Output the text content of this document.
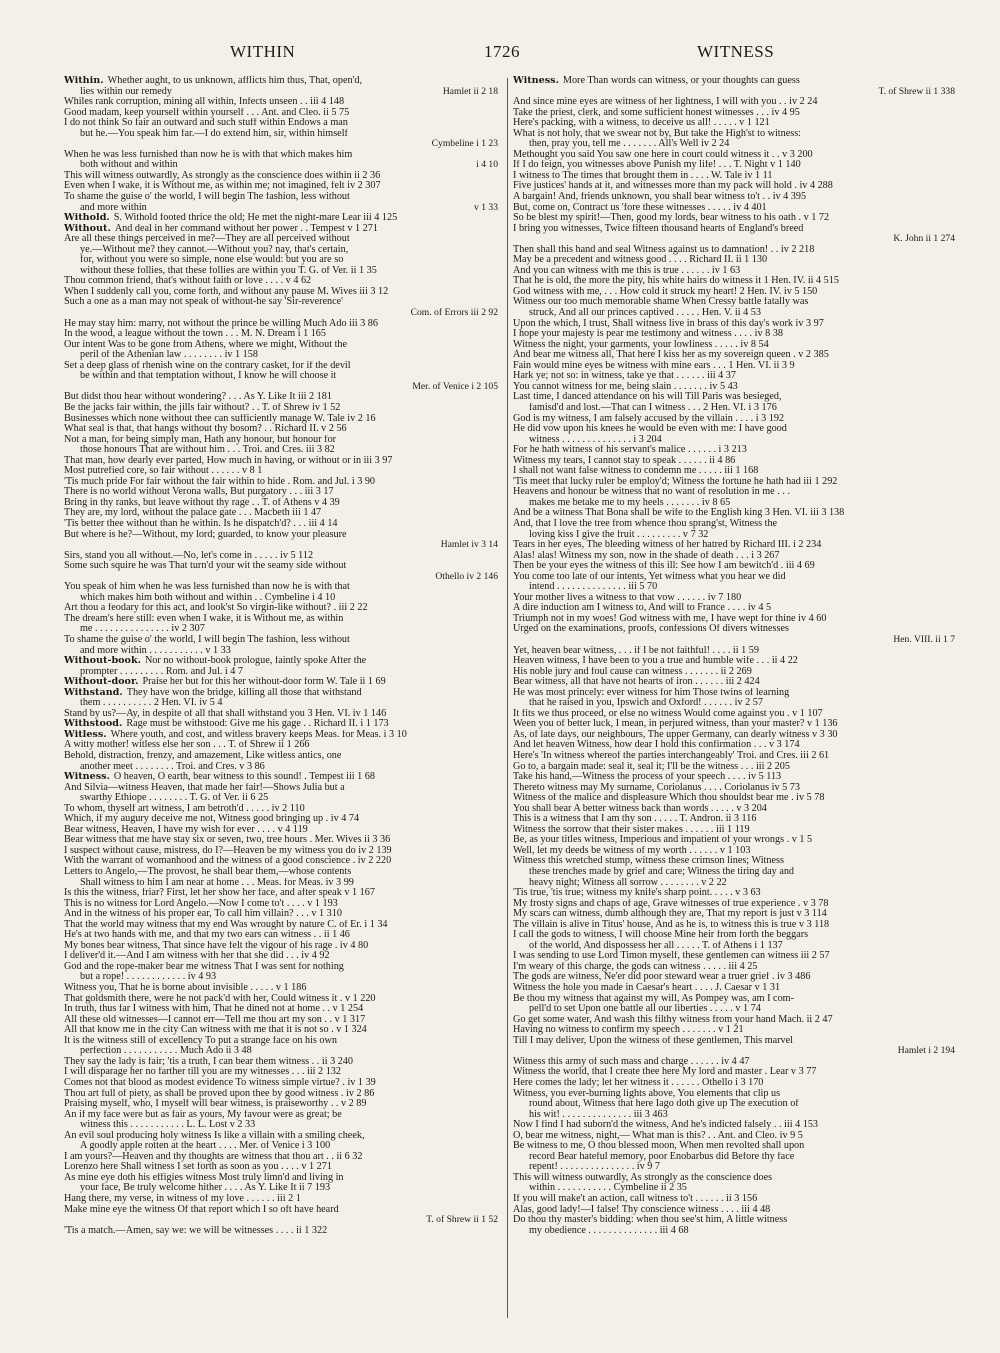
WITHIN	1726	WITNESS
Within. Whether aught, to us unknown, afflicts him thus, That, open'd,
lies within our remedy	Hamlet ii 2 18
Whiles rank corruption, mining all within, Infects unseen . . iii 4 148
Good madam, keep yourself within yourself . . . Ant. and Cleo. ii 5 75
I do not think So fair an outward and such stuff within Endows a man
but he.—You speak him far.—I do extend him, sir, within himself
Cymbeline i 1 23
When he was less furnished than now he is with that which makes him
both without and within	i 4 10
This will witness outwardly, As strongly as the conscience does within ii 2 36
Even when I wake, it is Without me, as within me; not imagined, felt iv 2 307
To shame the guise o' the world, I will begin The fashion, less without
and more within	v 1 33
Withold. S. Withold footed thrice the old; He met the night-mare Lear iii 4 125
Without. And deal in her command without her power . . Tempest v 1 271
Are all these things perceived in me?—They are all perceived without
ye.—Without me? they cannot.—Without you? nay, that's certain,
for, without you were so simple, none else would: but you are so
without these follies, that these follies are within you T. G. of Ver. ii 1 35
Thou common friend, that's without faith or love . . . . v 4 62
When I suddenly call you, come forth, and without any pause M. Wives iii 3 12
Such a one as a man may not speak of without-he say 'Sir-reverence'
Com. of Errors iii 2 92
He may stay him: marry, not without the prince be willing Much Ado iii 3 86
In the wood, a league without the town . . . M. N. Dream i 1 165
Our intent Was to be gone from Athens, where we might, Without the
peril of the Athenian law . . . . . . . . iv 1 158
Set a deep glass of rhenish wine on the contrary casket, for if the devil
be within and that temptation without, I know he will choose it
Mer. of Venice i 2 105
But didst thou hear without wondering? . . . As Y. Like It iii 2 181
Be the jacks fair within, the jills fair without? . . T. of Shrew iv 1 52
Businesses which none without thee can sufficiently manage W. Tale iv 2 16
What seal is that, that hangs without thy bosom? . . Richard II. v 2 56
Not a man, for being simply man, Hath any honour, but honour for
those honours That are without him . . . Troi. and Cres. iii 3 82
That man, how dearly ever parted, How much in having, or without or in iii 3 97
Most putrefied core, so fair without . . . . . . v 8 1
'Tis much pride For fair without the fair within to hide . Rom. and Jul. i 3 90
There is no world without Verona walls, But purgatory . . . iii 3 17
Bring in thy ranks, but leave without thy rage . . T. of Athens v 4 39
They are, my lord, without the palace gate . . . Macbeth iii 1 47
'Tis better thee without than he within. Is he dispatch'd? . . . iii 4 14
But where is he?—Without, my lord; guarded, to know your pleasure
Hamlet iv 3 14
Sirs, stand you all without.—No, let's come in . . . . . iv 5 112
Some such squire he was That turn'd your wit the seamy side without
Othello iv 2 146
You speak of him when he was less furnished than now he is with that
which makes him both without and within . . Cymbeline i 4 10
Art thou a feodary for this act, and look'st So virgin-like without? . iii 2 22
The dream's here still: even when I wake, it is Without me, as within
me . . . . . . . . . . . . . . . iv 2 307
To shame the guise o' the world, I will begin The fashion, less without
and more within . . . . . . . . . . . v 1 33
Without-book. Nor no without-book prologue, faintly spoke After the
prompter . . . . . . . . . Rom. and Jul. i 4 7
Without-door. Praise her but for this her without-door form W. Tale ii 1 69
Withstand. They have won the bridge, killing all those that withstand
them . . . . . . . . . . 2 Hen. VI. iv 5 4
Stand by us?—Ay, in despite of all that shall withstand you 3 Hen. VI. iv 1 146
Withstood. Rage must be withstood: Give me his gage . . Richard II. i 1 173
Witless. Where youth, and cost, and witless bravery keeps Meas. for Meas. i 3 10
A witty mother! witless else her son . . . T. of Shrew ii 1 266
Behold, distraction, frenzy, and amazement, Like witless antics, one
another meet . . . . . . . . Troi. and Cres. v 3 86
Witness. O heaven, O earth, bear witness to this sound! . Tempest iii 1 68
And Silvia—witness Heaven, that made her fair!—Shows Julia but a
swarthy Ethiope . . . . . . . . T. G. of Ver. ii 6 25
To whom, thyself art witness, I am betroth'd . . . . . iv 2 110
Which, if my augury deceive me not, Witness good bringing up . iv 4 74
Bear witness, Heaven, I have my wish for ever . . . . v 4 119
Bear witness that me have stay six or seven, two, tree hours . Mer. Wives ii 3 36
I suspect without cause, mistress, do I?—Heaven be my witness you do iv 2 139
With the warrant of womanhood and the witness of a good conscience . iv 2 220
Letters to Angelo,—The provost, he shall bear them,—whose contents
Shall witness to him I am near at home . . . Meas. for Meas. iv 3 99
Is this the witness, friar? First, let her show her face, and after speak v 1 167
This is no witness for Lord Angelo.—Now I come to't . . . . v 1 193
And in the witness of his proper ear, To call him villain? . . . v 1 310
That the world may witness that my end Was wrought by nature C. of Er. i 1 34
He's at two hands with me, and that my two ears can witness . . ii 1 46
My bones bear witness, That since have felt the vigour of his rage . iv 4 80
I deliver'd it.—And I am witness with her that she did . . . iv 4 92
God and the rope-maker bear me witness That I was sent for nothing
but a rope! . . . . . . . . . . . . iv 4 93
Witness you, That he is borne about invisible . . . . . v 1 186
That goldsmith there, were he not pack'd with her, Could witness it . v 1 220
In truth, thus far I witness with him, That he dined not at home . . v 1 254
All these old witnesses—I cannot err—Tell me thou art my son . . v 1 317
All that know me in the city Can witness with me that it is not so . v 1 324
It is the witness still of excellency To put a strange face on his own
perfection . . . . . . . . . . . Much Ado ii 3 48
They say the lady is fair; 'tis a truth, I can bear them witness . . ii 3 240
I will disparage her no farther till you are my witnesses . . . iii 2 132
Comes not that blood as modest evidence To witness simple virtue? . iv 1 39
Thou art full of piety, as shall be proved upon thee by good witness . iv 2 86
Praising myself, who, I myself will bear witness, is praiseworthy . . v 2 89
An if my face were but as fair as yours, My favour were as great; be
witness this . . . . . . . . . . . L. L. Lost v 2 33
An evil soul producing holy witness Is like a villain with a smiling cheek,
A goodly apple rotten at the heart . . . . Mer. of Venice i 3 100
I am yours?—Heaven and thy thoughts are witness that thou art . . ii 6 32
Lorenzo here Shall witness I set forth as soon as you . . . . v 1 271
As mine eye doth his effigies witness Most truly limn'd and living in
your face, Be truly welcome hither . . . . As Y. Like It ii 7 193
Hang there, my verse, in witness of my love . . . . . . iii 2 1
Make mine eye the witness Of that report which I so oft have heard
T. of Shrew ii 1 52
'Tis a match.—Amen, say we: we will be witnesses . . . . ii 1 322
Witness. More Than words can witness, or your thoughts can guess
T. of Shrew ii 1 338
And since mine eyes are witness of her lightness, I will with you . . iv 2 24
Take the priest, clerk, and some sufficient honest witnesses . . . iv 4 95
Here's packing, with a witness, to deceive us all! . . . . . v 1 121
What is not holy, that we swear not by, But take the High'st to witness:
then, pray you, tell me . . . . . . . All's Well iv 2 24
Methought you said You saw one here in court could witness it . . v 3 200
If I do feign, you witnesses above Punish my life! . . . T. Night v 1 140
I witness to The times that brought them in . . . . W. Tale iv 1 11
Five justices' hands at it, and witnesses more than my pack will hold . iv 4 288
A bargain! And, friends unknown, you shall bear witness to't . . iv 4 395
But, come on, Contract us 'fore these witnesses . . . . . iv 4 401
So be blest my spirit!—Then, good my lords, bear witness to his oath . v 1 72
I bring you witnesses, Twice fifteen thousand hearts of England's breed
K. John ii 1 274
Then shall this hand and seal Witness against us to damnation! . . iv 2 218
May be a precedent and witness good . . . . Richard II. ii 1 130
And you can witness with me this is true . . . . . . iv 1 63
That he is old, the more the pity, his white hairs do witness it 1 Hen. IV. ii 4 515
God witness with me, . . . How cold it struck my heart! 2 Hen. IV. iv 5 150
Witness our too much memorable shame When Cressy battle fatally was
struck, And all our princes captived . . . . . Hen. V. ii 4 53
Upon the which, I trust, Shall witness live in brass of this day's work iv 3 97
I hope your majesty is pear me testimony and witness . . . . iv 8 38
Witness the night, your garments, your lowliness . . . . . iv 8 54
And bear me witness all, That here I kiss her as my sovereign queen . v 2 385
Fain would mine eyes be witness with mine ears . . . 1 Hen. VI. ii 3 9
Hark ye; not so: in witness, take ye that . . . . . . iii 4 37
You cannot witness for me, being slain . . . . . . . iv 5 43
Last time, I danced attendance on his will Till Paris was besieged,
famisd'd and lost.—That can I witness . . . 2 Hen. VI. i 3 176
God is my witness, I am falsely accused by the villain . . . . i 3 192
He did vow upon his knees he would be even with me: I have good
witness . . . . . . . . . . . . . . i 3 204
For he hath witness of his servant's malice . . . . . . i 3 213
Witness my tears, I cannot stay to speak . . . . . . ii 4 86
I shall not want false witness to condemn me . . . . . iii 1 168
'Tis meet that lucky ruler be employ'd; Witness the fortune he hath had iii 1 292
Heavens and honour be witness that no want of resolution in me . . .
makes me betake me to my heels . . . . . . . iv 8 65
And be a witness That Bona shall be wife to the English king 3 Hen. VI. iii 3 138
And, that I love the tree from whence thou sprang'st, Witness the
loving kiss I give the fruit . . . . . . . . . v 7 32
Tears in her eyes, The bleeding witness of her hatred by Richard III. i 2 234
Alas! alas! Witness my son, now in the shade of death . . . i 3 267
Then be your eyes the witness of this ill: See how I am bewitch'd . iii 4 69
You come too late of our intents, Yet witness what you hear we did
intend . . . . . . . . . . . . . . iii 5 70
Your mother lives a witness to that vow . . . . . . iv 7 180
A dire induction am I witness to, And will to France . . . . iv 4 5
Triumph not in my woes! God witness with me, I have wept for thine iv 4 60
Urged on the examinations, proofs, confessions Of divers witnesses
Hen. VIII. ii 1 7
Yet, heaven bear witness, . . . if I be not faithful! . . . . ii 1 59
Heaven witness, I have been to you a true and humble wife . . . ii 4 22
His noble jury and foul cause can witness . . . . . . . ii 2 269
Bear witness, all that have not hearts of iron . . . . . . iii 2 424
He was most princely: ever witness for him Those twins of learning
that he raised in you, Ipswich and Oxford! . . . . . . iv 2 57
It fits we thus proceed, or else no witness Would come against you . v 1 107
Ween you of better luck, I mean, in perjured witness, than your master? v 1 136
As, of late days, our neighbours, The upper Germany, can dearly witness v 3 30
And let heaven Witness, how dear I hold this confirmation . . . v 3 174
Here's 'In witness whereof the parties interchangeably' Troi. and Cres. iii 2 61
Go to, a bargain made: seal it, seal it; I'll be the witness . . . iii 2 205
Take his hand,—Witness the process of your speech . . . . iv 5 113
Thereto witness may My surname, Coriolanus . . . . Coriolanus iv 5 73
Witness of the malice and displeasure Which thou shouldst bear me . iv 5 78
You shall bear A better witness back than words . . . . . v 3 204
This is a witness that I am thy son . . . . . T. Andron. ii 3 116
Witness the sorrow that their sister makes . . . . . . iii 1 119
Be, as your titles witness, Imperious and impatient of your wrongs . v 1 5
Well, let my deeds be witness of my worth . . . . . . v 1 103
Witness this wretched stump, witness these crimson lines; Witness
these trenches made by grief and care; Witness the tiring day and
heavy night; Witness all sorrow . . . . . . . . v 2 22
'Tis true, 'tis true; witness my knife's sharp point. . . . . v 3 63
My frosty signs and chaps of age, Grave witnesses of true experience . v 3 78
My scars can witness, dumb although they are, That my report is just v 3 114
The villain is alive in Titus' house, And as he is, to witness this is true v 3 118
I call the gods to witness, I will choose Mine heir from forth the beggars
of the world, And dispossess her all . . . . . T. of Athens i 1 137
I was sending to use Lord Timon myself, these gentlemen can witness iii 2 57
I'm weary of this charge, the gods can witness . . . . . iii 4 25
The gods are witness, Ne'er did poor steward wear a truer grief . iv 3 486
Witness the hole you made in Caesar's heart . . . . J. Caesar v 1 31
Be thou my witness that against my will, As Pompey was, am I com-
pell'd to set Upon one battle all our liberties . . . . . v 1 74
Go get some water, And wash this filthy witness from your hand Mach. ii 2 47
Having no witness to confirm my speech . . . . . . . v 1 21
Till I may deliver, Upon the witness of these gentlemen, This marvel
Hamlet i 2 194
Witness this army of such mass and charge . . . . . . iv 4 47
Witness the world, that I create thee here My lord and master . Lear v 3 77
Here comes the lady; let her witness it . . . . . . Othello i 3 170
Witness, you ever-burning lights above, You elements that clip us
round about, Witness that here Iago doth give up The execution of
his wit! . . . . . . . . . . . . . . iii 3 463
Now I find I had suborn'd the witness, And he's indicted falsely . . iii 4 153
O, bear me witness, night,— What man is this? . . Ant. and Cleo. iv 9 5
Be witness to me, O thou blessed moon, When men revolted shall upon
record Bear hateful memory, poor Enobarbus did Before thy face
repent! . . . . . . . . . . . . . . . iv 9 7
This will witness outwardly, As strongly as the conscience does
within . . . . . . . . . . . Cymbeline ii 2 35
If you will make't an action, call witness to't . . . . . . ii 3 156
Alas, good lady!—I false! Thy conscience witness . . . . iii 4 48
Do thou thy master's bidding: when thou see'st him, A little witness
my obedience . . . . . . . . . . . . . . iii 4 68
